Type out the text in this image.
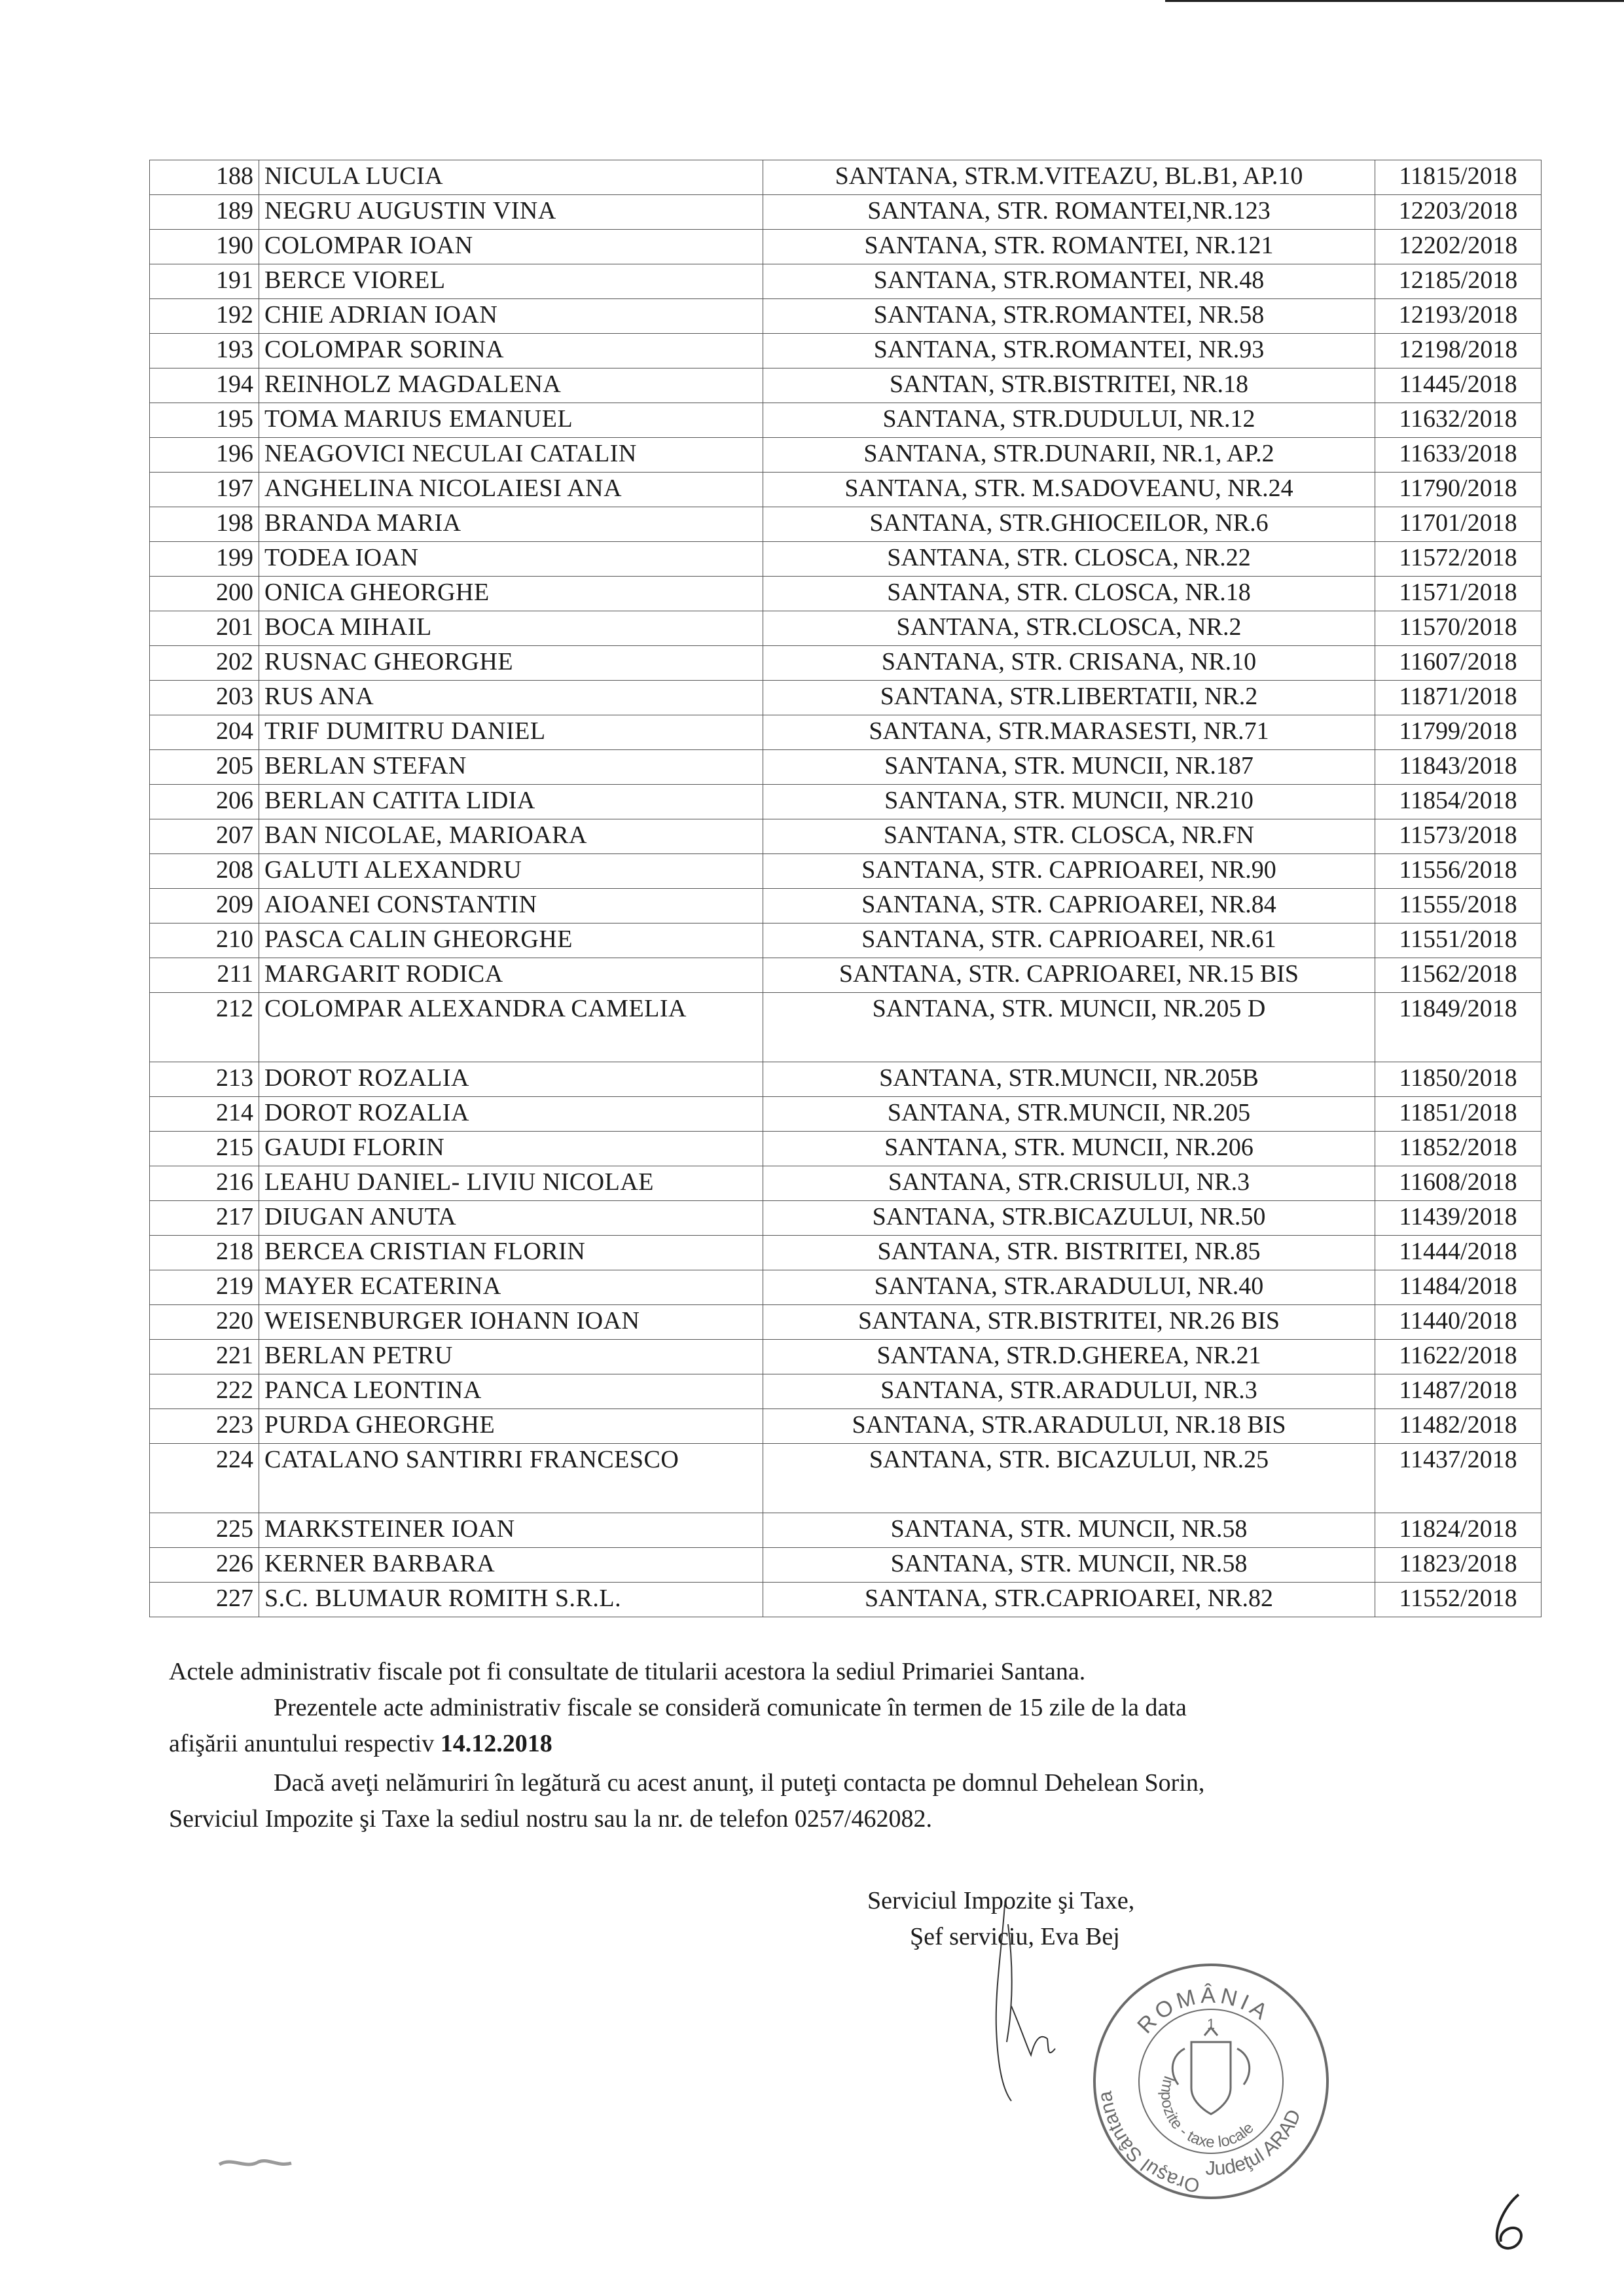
188	NICULA LUCIA	SANTANA, STR.M.VITEAZU, BL.B1, AP.10	11815/2018
189	NEGRU AUGUSTIN VINA	SANTANA, STR. ROMANTEI,NR.123	12203/2018
190	COLOMPAR IOAN	SANTANA, STR. ROMANTEI, NR.121	12202/2018
191	BERCE VIOREL	SANTANA, STR.ROMANTEI, NR.48	12185/2018
192	CHIE ADRIAN IOAN	SANTANA, STR.ROMANTEI, NR.58	12193/2018
193	COLOMPAR SORINA	SANTANA, STR.ROMANTEI, NR.93	12198/2018
194	REINHOLZ MAGDALENA	SANTAN, STR.BISTRITEI, NR.18	11445/2018
195	TOMA MARIUS EMANUEL	SANTANA, STR.DUDULUI, NR.12	11632/2018
196	NEAGOVICI NECULAI CATALIN	SANTANA, STR.DUNARII, NR.1, AP.2	11633/2018
197	ANGHELINA NICOLAIESI ANA	SANTANA, STR. M.SADOVEANU, NR.24	11790/2018
198	BRANDA MARIA	SANTANA, STR.GHIOCEILOR, NR.6	11701/2018
199	TODEA IOAN	SANTANA, STR. CLOSCA, NR.22	11572/2018
200	ONICA GHEORGHE	SANTANA, STR. CLOSCA, NR.18	11571/2018
201	BOCA MIHAIL	SANTANA, STR.CLOSCA, NR.2	11570/2018
202	RUSNAC GHEORGHE	SANTANA, STR. CRISANA, NR.10	11607/2018
203	RUS ANA	SANTANA, STR.LIBERTATII, NR.2	11871/2018
204	TRIF DUMITRU DANIEL	SANTANA, STR.MARASESTI, NR.71	11799/2018
205	BERLAN STEFAN	SANTANA, STR. MUNCII, NR.187	11843/2018
206	BERLAN CATITA LIDIA	SANTANA, STR. MUNCII, NR.210	11854/2018
207	BAN NICOLAE, MARIOARA	SANTANA, STR. CLOSCA, NR.FN	11573/2018
208	GALUTI ALEXANDRU	SANTANA, STR. CAPRIOAREI, NR.90	11556/2018
209	AIOANEI CONSTANTIN	SANTANA, STR. CAPRIOAREI, NR.84	11555/2018
210	PASCA CALIN GHEORGHE	SANTANA, STR. CAPRIOAREI, NR.61	11551/2018
211	MARGARIT RODICA	SANTANA, STR. CAPRIOAREI, NR.15 BIS	11562/2018
212	COLOMPAR ALEXANDRA CAMELIA	SANTANA, STR. MUNCII, NR.205 D	11849/2018
213	DOROT ROZALIA	SANTANA, STR.MUNCII, NR.205B	11850/2018
214	DOROT ROZALIA	SANTANA, STR.MUNCII, NR.205	11851/2018
215	GAUDI FLORIN	SANTANA, STR. MUNCII, NR.206	11852/2018
216	LEAHU DANIEL- LIVIU NICOLAE	SANTANA, STR.CRISULUI, NR.3	11608/2018
217	DIUGAN ANUTA	SANTANA, STR.BICAZULUI, NR.50	11439/2018
218	BERCEA CRISTIAN FLORIN	SANTANA, STR. BISTRITEI, NR.85	11444/2018
219	MAYER ECATERINA	SANTANA, STR.ARADULUI, NR.40	11484/2018
220	WEISENBURGER IOHANN IOAN	SANTANA, STR.BISTRITEI, NR.26 BIS	11440/2018
221	BERLAN PETRU	SANTANA, STR.D.GHEREA, NR.21	11622/2018
222	PANCA LEONTINA	SANTANA, STR.ARADULUI, NR.3	11487/2018
223	PURDA GHEORGHE	SANTANA, STR.ARADULUI, NR.18 BIS	11482/2018
224	CATALANO SANTIRRI FRANCESCO	SANTANA, STR. BICAZULUI, NR.25	11437/2018
225	MARKSTEINER IOAN	SANTANA, STR. MUNCII, NR.58	11824/2018
226	KERNER BARBARA	SANTANA, STR. MUNCII, NR.58	11823/2018
227	S.C. BLUMAUR ROMITH S.R.L.	SANTANA, STR.CAPRIOAREI, NR.82	11552/2018
Actele administrativ fiscale pot fi consultate de titularii acestora la sediul Primariei Santana.
Prezentele acte administrativ fiscale se consideră comunicate în termen de 15 zile de la data
afişării anuntului respectiv 14.12.2018
Dacă aveţi nelămuriri în legătură cu acest anunţ, il puteţi contacta pe domnul Dehelean Sorin,
Serviciul Impozite şi Taxe la sediul nostru sau la nr. de telefon 0257/462082.
Serviciul Impozite şi Taxe,
Şef serviciu, Eva Bej
ROMÂNIA
Oraşul Sântana
Judeţul ARAD
Impozite - taxe locale
1
